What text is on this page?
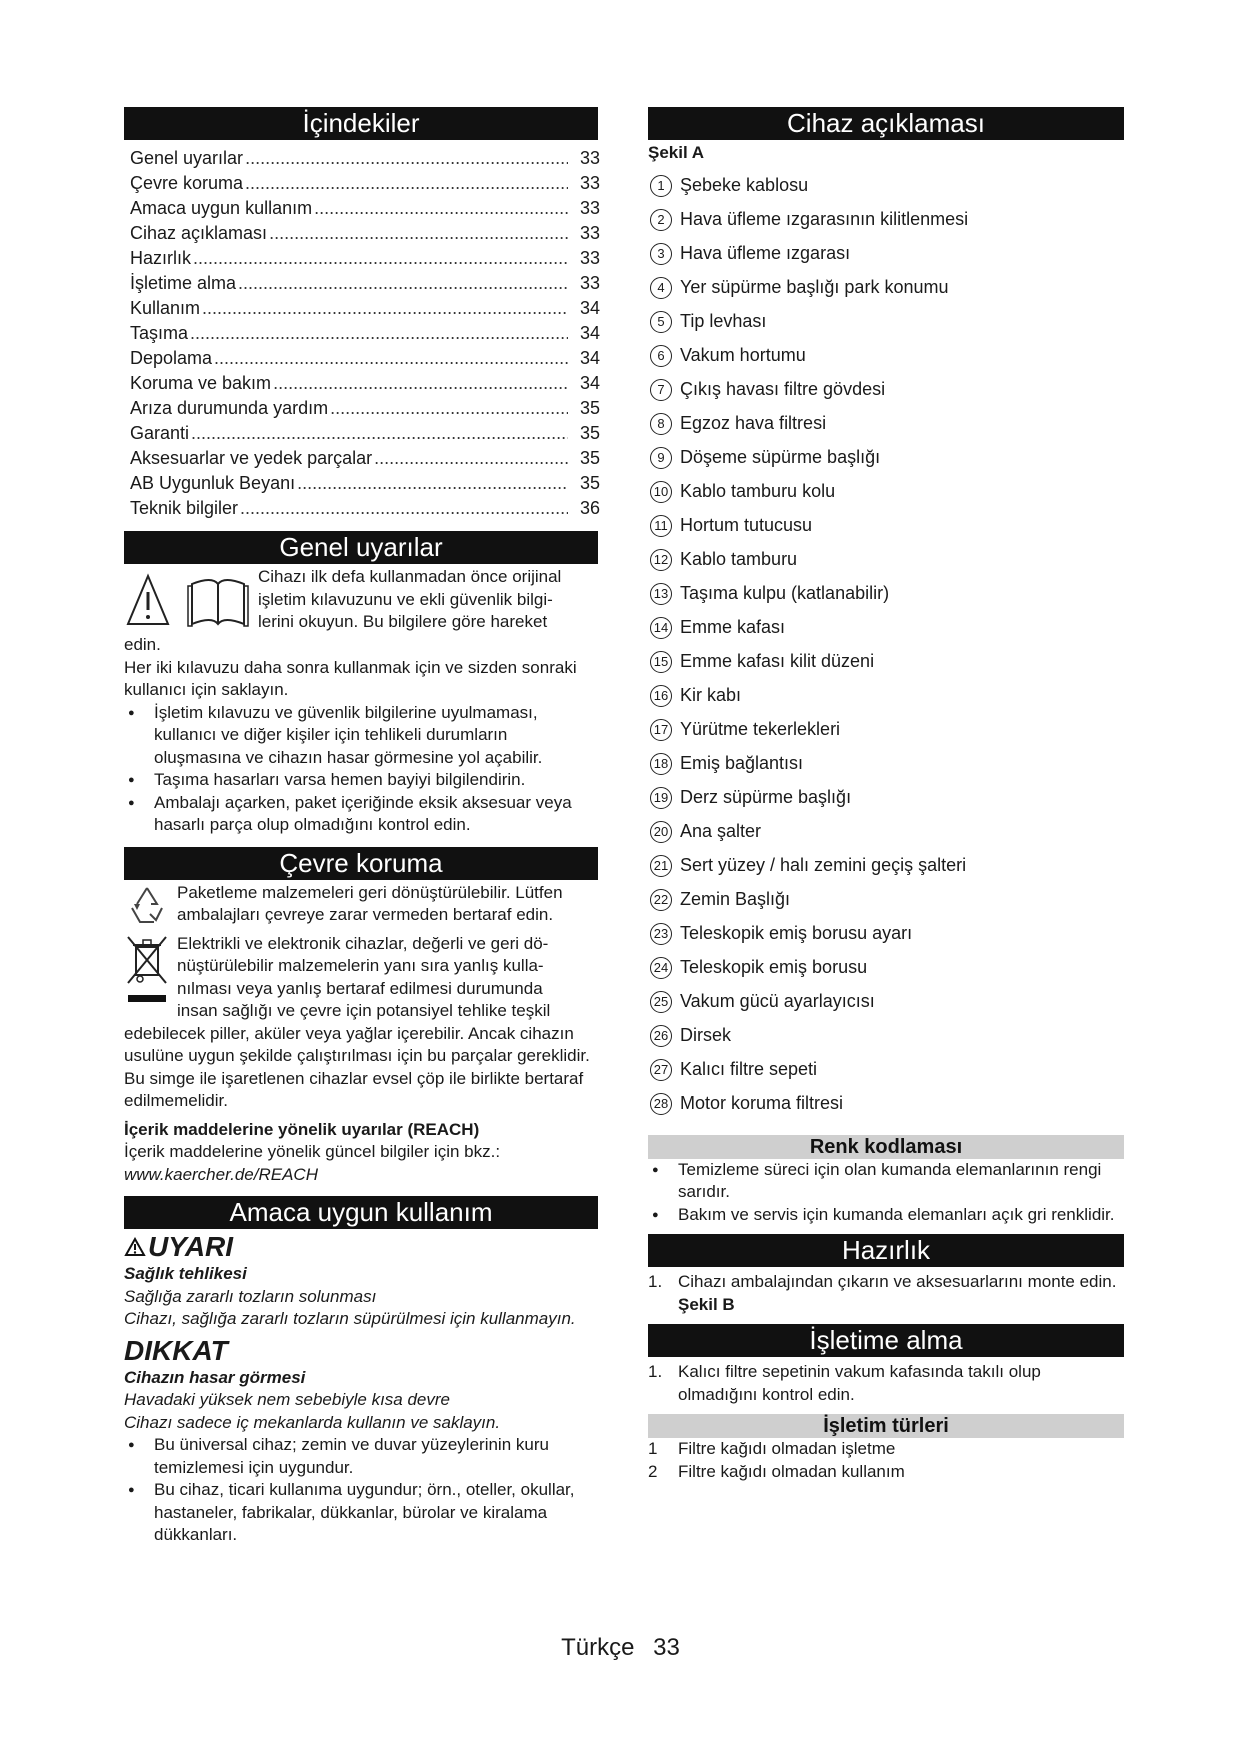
İçindekiler
Genel uyarılar .....	33
Çevre koruma .....	33
Amaca uygun kullanım .....	33
Cihaz açıklaması .....	33
Hazırlık .....	33
İşletime alma .....	33
Kullanım .....	34
Taşıma .....	34
Depolama .....	34
Koruma ve bakım .....	34
Arıza durumunda yardım .....	35
Garanti .....	35
Aksesuarlar ve yedek parçalar .....	35
AB Uygunluk Beyanı .....	35
Teknik bilgiler .....	36
Genel uyarılar

Cihazı ilk defa kullanmadan önce orijinal

işletim kılavuzunu ve ekli güvenlik bilgi-

lerini okuyun. Bu bilgilere göre hareket

edin.

Her iki kılavuzu daha sonra kullanmak için ve sizden sonraki kullanıcı için saklayın.

● İşletim kılavuzu ve güvenlik bilgilerine uyulmaması, kullanıcı ve diğer kişiler için tehlikeli durumların oluşmasına ve cihazın hasar görmesine yol açabilir.
● Taşıma hasarları varsa hemen bayiyi bilgilendirin.
● Ambalajı açarken, paket içeriğinde eksik aksesuar veya hasarlı parça olup olmadığını kontrol edin.
Çevre koruma

Paketleme malzemeleri geri dönüştürülebilir. Lütfen ambalajları çevreye zarar vermeden bertaraf edin.

Elektrikli ve elektronik cihazlar, değerli ve geri dö-

nüştürülebilir malzemelerin yanı sıra yanlış kulla-

nılması veya yanlış bertaraf edilmesi durumunda

insan sağlığı ve çevre için potansiyel tehlike teşkil

edebilecek piller, aküler veya yağlar içerebilir. Ancak cihazın usulüne uygun şekilde çalıştırılması için bu parçalar gereklidir. Bu simge ile işaretlenen cihazlar evsel çöp ile birlikte bertaraf edilmemelidir.

İçerik maddelerine yönelik uyarılar (REACH)

İçerik maddelerine yönelik güncel bilgiler için bkz.:

www.kaercher.de/REACH

Amaca uygun kullanım
UYARI

Sağlık tehlikesi

Sağlığa zararlı tozların solunması

Cihazı, sağlığa zararlı tozların süpürülmesi için kullanmayın.

DIKKAT

Cihazın hasar görmesi

Havadaki yüksek nem sebebiyle kısa devre

Cihazı sadece iç mekanlarda kullanın ve saklayın.

● Bu üniversal cihaz; zemin ve duvar yüzeylerinin kuru temizlemesi için uygundur.
● Bu cihaz, ticari kullanıma uygundur; örn., oteller, okullar, hastaneler, fabrikalar, dükkanlar, bürolar ve kiralama dükkanları.
Cihaz açıklaması

Şekil A

1 Şebeke kablosu
2 Hava üfleme ızgarasının kilitlenmesi
3 Hava üfleme ızgarası
4 Yer süpürme başlığı park konumu
5 Tip levhası
6 Vakum hortumu
7 Çıkış havası filtre gövdesi
8 Egzoz hava filtresi
9 Döşeme süpürme başlığı
10 Kablo tamburu kolu
11 Hortum tutucusu
12 Kablo tamburu
13 Taşıma kulpu (katlanabilir)
14 Emme kafası
15 Emme kafası kilit düzeni
16 Kir kabı
17 Yürütme tekerlekleri
18 Emiş bağlantısı
19 Derz süpürme başlığı
20 Ana şalter
21 Sert yüzey / halı zemini geçiş şalteri
22 Zemin Başlığı
23 Teleskopik emiş borusu ayarı
24 Teleskopik emiş borusu
25 Vakum gücü ayarlayıcısı
26 Dirsek
27 Kalıcı filtre sepeti
28 Motor koruma filtresi
Renk kodlaması
● Temizleme süreci için olan kumanda elemanlarının rengi sarıdır.
● Bakım ve servis için kumanda elemanları açık gri renklidir.
Hazırlık
1. Cihazı ambalajından çıkarın ve aksesuarlarını monte edin.

Şekil B

İşletime alma
1. Kalıcı filtre sepetinin vakum kafasında takılı olup olmadığını kontrol edin.
İşletim türleri
1 Filtre kağıdı olmadan işletme
2 Filtre kağıdı olmadan kullanım
Türkçe 33
